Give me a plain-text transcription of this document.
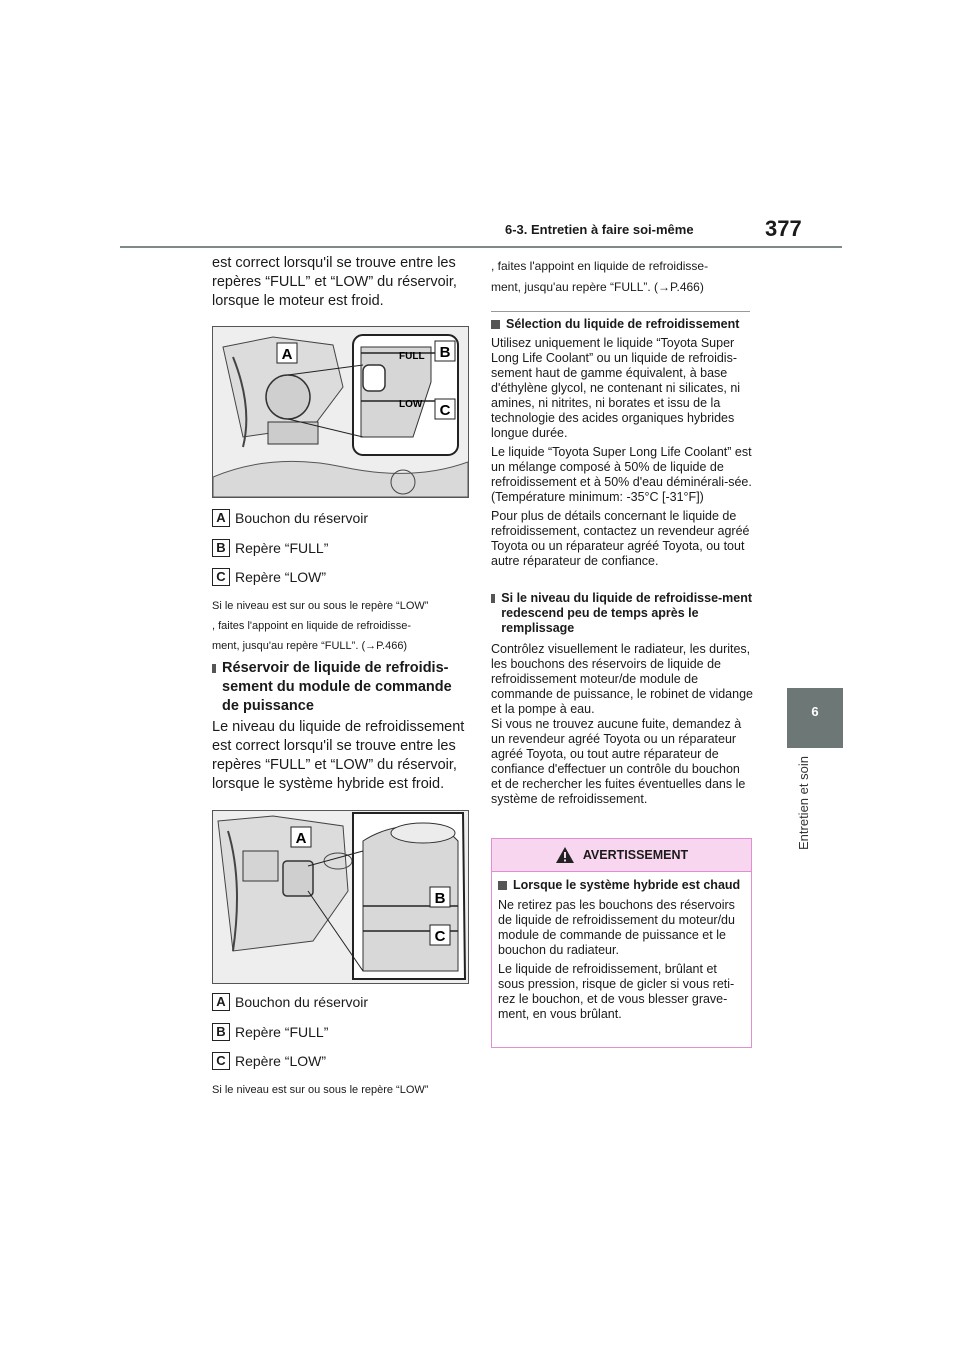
6-3. Entretien à faire soi-même	377
6
Entretien et soin

est correct lorsqu'il se trouve entre les repères “FULL” et “LOW” du réservoir, lorsque le moteur est froid.

FULL
LOW
A	B
C
A Bouchon du réservoir
B Repère “FULL”
C Repère “LOW”

Si le niveau est sur ou sous le repère “LOW”

, faites l'appoint en liquide de refroidisse-

ment, jusqu'au repère “FULL”. (→P.466)

Réservoir de liquide de refroidis-sement du module de commande de puissance

Le niveau du liquide de refroidissement est correct lorsqu'il se trouve entre les repères “FULL” et “LOW” du réservoir, lorsque le système hybride est froid.

A
B
C
A Bouchon du réservoir
B Repère “FULL”
C Repère “LOW”

Si le niveau est sur ou sous le repère “LOW”

, faites l'appoint en liquide de refroidisse-

ment, jusqu'au repère “FULL”. (→P.466)

Sélection du liquide de refroidissement

Utilisez uniquement le liquide “Toyota Super Long Life Coolant” ou un liquide de refroidis-sement haut de gamme équivalent, à base d'éthylène glycol, ne contenant ni silicates, ni amines, ni nitrites, ni borates et issu de la technologie des acides organiques hybrides longue durée.

Le liquide “Toyota Super Long Life Coolant” est un mélange composé à 50% de liquide de refroidissement et à 50% d'eau déminérali-sée. (Température minimum: -35°C [-31°F])

Pour plus de détails concernant le liquide de refroidissement, contactez un revendeur agréé Toyota ou un réparateur agréé Toyota, ou tout autre réparateur de confiance.

Si le niveau du liquide de refroidisse-ment redescend peu de temps après le remplissage

Contrôlez visuellement le radiateur, les durites, les bouchons des réservoirs de liquide de refroidissement moteur/de module de commande de puissance, le robinet de vidange et la pompe à eau.

Si vous ne trouvez aucune fuite, demandez à un revendeur agréé Toyota ou un réparateur agréé Toyota, ou tout autre réparateur de confiance d'effectuer un contrôle du bouchon et de rechercher les fuites éventuelles dans le système de refroidissement.

AVERTISSEMENT

Lorsque le système hybride est chaud

Ne retirez pas les bouchons des réservoirs de liquide de refroidissement du moteur/du module de commande de puissance et le bouchon du radiateur.

Le liquide de refroidissement, brûlant et sous pression, risque de gicler si vous reti-rez le bouchon, et de vous blesser grave-ment, en vous brûlant.
